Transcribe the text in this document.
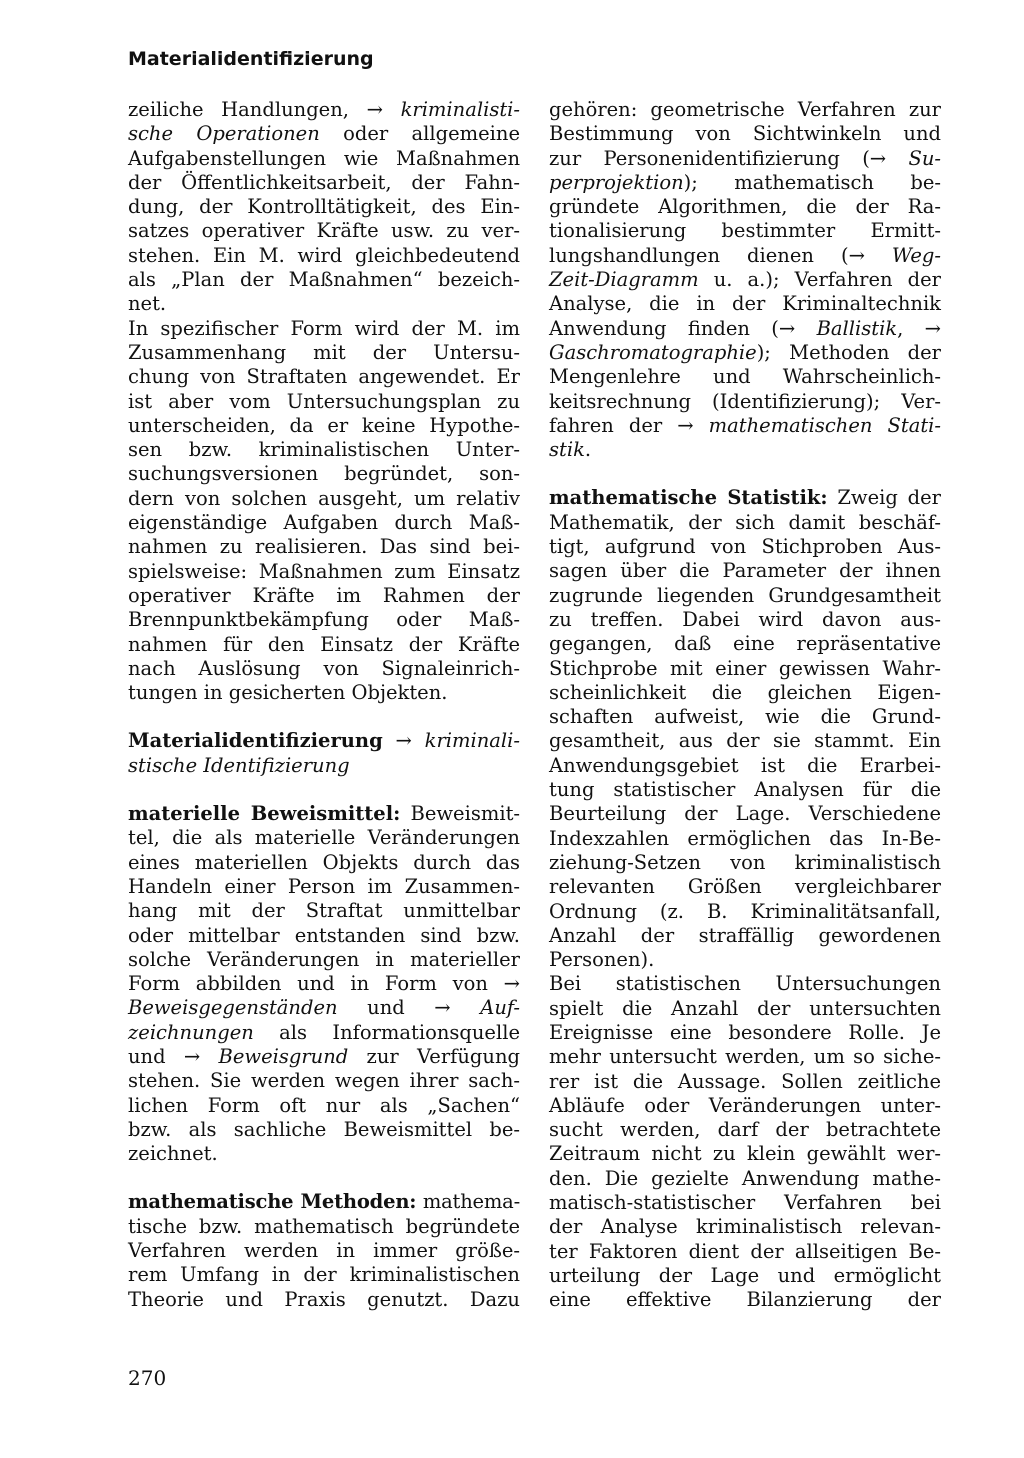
Materialidentifizierung
zeiliche Handlungen, → kriminalisti-
sche Operationen oder allgemeine
Aufgabenstellungen wie Maßnahmen
der Öffentlichkeitsarbeit, der Fahn-
dung, der Kontrolltätigkeit, des Ein-
satzes operativer Kräfte usw. zu ver-
stehen. Ein M. wird gleichbedeutend
als „Plan der Maßnahmen“ bezeich-
net.
In spezifischer Form wird der M. im
Zusammenhang mit der Untersu-
chung von Straftaten angewendet. Er
ist aber vom Untersuchungsplan zu
unterscheiden, da er keine Hypothe-
sen bzw. kriminalistischen Unter-
suchungsversionen begründet, son-
dern von solchen ausgeht, um relativ
eigenständige Aufgaben durch Maß-
nahmen zu realisieren. Das sind bei-
spielsweise: Maßnahmen zum Einsatz
operativer Kräfte im Rahmen der
Brennpunktbekämpfung oder Maß-
nahmen für den Einsatz der Kräfte
nach Auslösung von Signaleinrich-
tungen in gesicherten Objekten.
Materialidentifizierung → kriminali-
stische Identifizierung
materielle Beweismittel: Beweismit-
tel, die als materielle Veränderungen
eines materiellen Objekts durch das
Handeln einer Person im Zusammen-
hang mit der Straftat unmittelbar
oder mittelbar entstanden sind bzw.
solche Veränderungen in materieller
Form abbilden und in Form von →
Beweisgegenständen und → Auf-
zeichnungen als Informationsquelle
und → Beweisgrund zur Verfügung
stehen. Sie werden wegen ihrer sach-
lichen Form oft nur als „Sachen“
bzw. als sachliche Beweismittel be-
zeichnet.
mathematische Methoden: mathema-
tische bzw. mathematisch begründete
Verfahren werden in immer größe-
rem Umfang in der kriminalistischen
Theorie und Praxis genutzt. Dazu
gehören: geometrische Verfahren zur
Bestimmung von Sichtwinkeln und
zur Personenidentifizierung (→ Su-
perprojektion); mathematisch be-
gründete Algorithmen, die der Ra-
tionalisierung bestimmter Ermitt-
lungshandlungen dienen (→ Weg-
Zeit-Diagramm u. a.); Verfahren der
Analyse, die in der Kriminaltechnik
Anwendung finden (→ Ballistik, →
Gaschromatographie); Methoden der
Mengenlehre und Wahrscheinlich-
keitsrechnung (Identifizierung); Ver-
fahren der → mathematischen Stati-
stik.
mathematische Statistik: Zweig der
Mathematik, der sich damit beschäf-
tigt, aufgrund von Stichproben Aus-
sagen über die Parameter der ihnen
zugrunde liegenden Grundgesamtheit
zu treffen. Dabei wird davon aus-
gegangen, daß eine repräsentative
Stichprobe mit einer gewissen Wahr-
scheinlichkeit die gleichen Eigen-
schaften aufweist, wie die Grund-
gesamtheit, aus der sie stammt. Ein
Anwendungsgebiet ist die Erarbei-
tung statistischer Analysen für die
Beurteilung der Lage. Verschiedene
Indexzahlen ermöglichen das In-Be-
ziehung-Setzen von kriminalistisch
relevanten Größen vergleichbarer
Ordnung (z. B. Kriminalitätsanfall,
Anzahl der straffällig gewordenen
Personen).
Bei statistischen Untersuchungen
spielt die Anzahl der untersuchten
Ereignisse eine besondere Rolle. Je
mehr untersucht werden, um so siche-
rer ist die Aussage. Sollen zeitliche
Abläufe oder Veränderungen unter-
sucht werden, darf der betrachtete
Zeitraum nicht zu klein gewählt wer-
den. Die gezielte Anwendung mathe-
matisch-statistischer Verfahren bei
der Analyse kriminalistisch relevan-
ter Faktoren dient der allseitigen Be-
urteilung der Lage und ermöglicht
eine effektive Bilanzierung der
270
